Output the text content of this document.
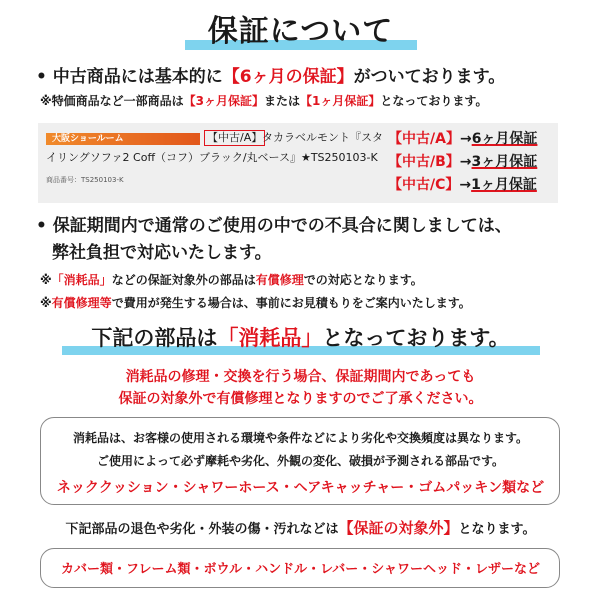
保証について
• 中古商品には基本的に【6ヶ月の保証】がついております。
※特価商品など一部商品は【3ヶ月保証】または【1ヶ月保証】となっております。
大阪ショールーム	【中古/A】 タカラベルモント『スタ
イリングソファ2 Coff（コフ）ブラック/丸ベース』★TS250103-K
商品番号：TS250103-K
【中古/A】→6ヶ月保証
【中古/B】→3ヶ月保証
【中古/C】→1ヶ月保証
• 保証期間内で通常のご使用の中での不具合に関しましては、
弊社負担で対応いたします。
※「消耗品」などの保証対象外の部品は有償修理での対応となります。
※有償修理等で費用が発生する場合は、事前にお見積もりをご案内いたします。
下記の部品は「消耗品」となっております。
消耗品の修理・交換を行う場合、保証期間内であっても
保証の対象外で有償修理となりますのでご了承ください。
消耗品は、お客様の使用される環境や条件などにより劣化や交換頻度は異なります。
ご使用によって必ず摩耗や劣化、外観の変化、破損が予測される部品です。
ネッククッション・シャワーホース・ヘアキャッチャー・ゴムパッキン類など
下記部品の退色や劣化・外装の傷・汚れなどは【保証の対象外】となります。
カバー類・フレーム類・ボウル・ハンドル・レバー・シャワーヘッド・レザーなど
